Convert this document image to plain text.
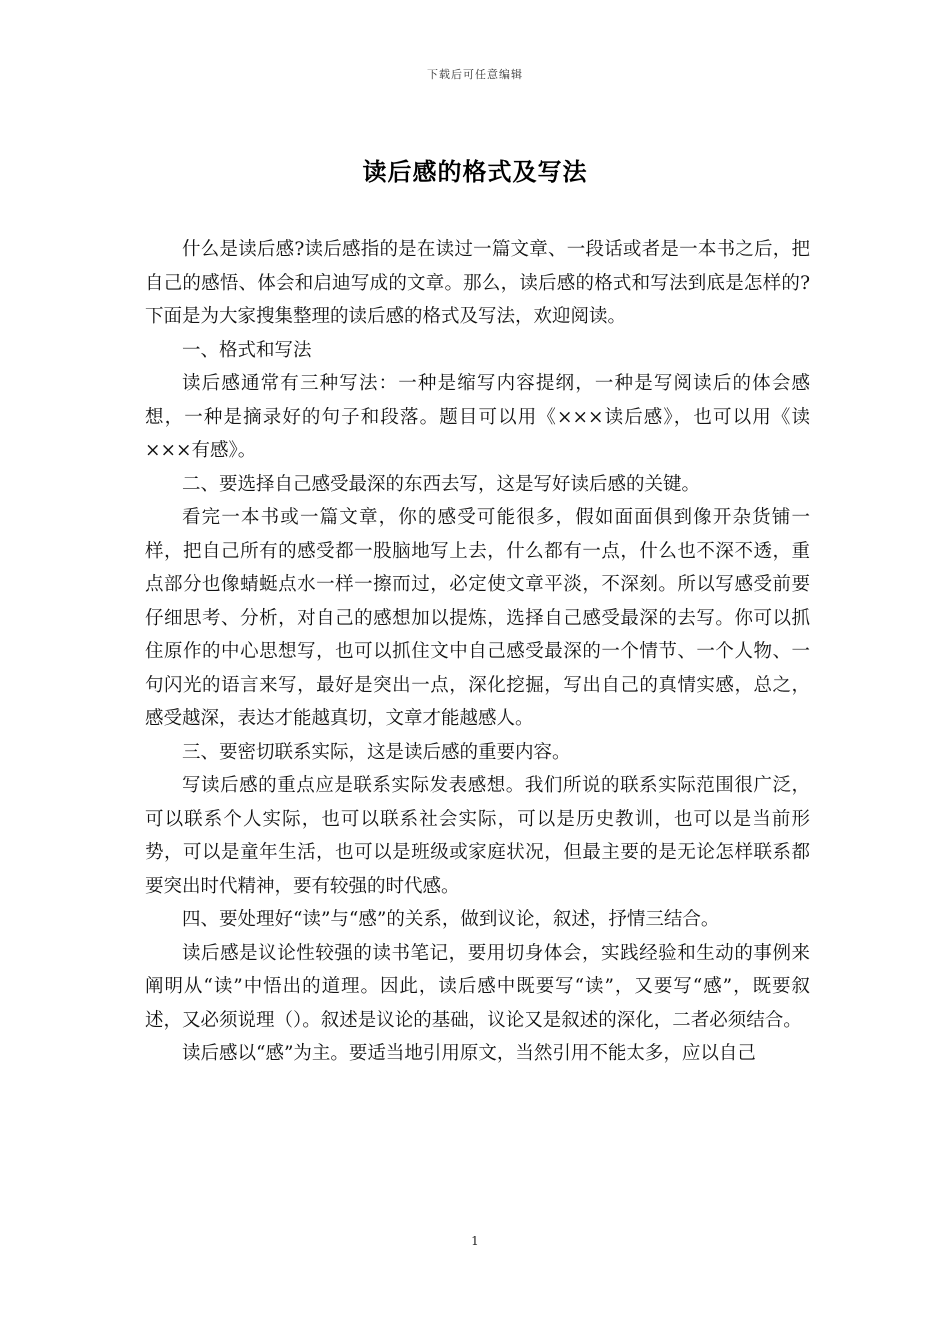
下载后可任意编辑
读后感的格式及写法

什么是读后感?读后感指的是在读过一篇文章、一段话或者是一本书之后，把自己的感悟、体会和启迪写成的文章。那么，读后感的格式和写法到底是怎样的?下面是为大家搜集整理的读后感的格式及写法，欢迎阅读。

一、格式和写法

读后感通常有三种写法：一种是缩写内容提纲，一种是写阅读后的体会感想，一种是摘录好的句子和段落。题目可以用《×××读后感》，也可以用《读×××有感》。

二、要选择自己感受最深的东西去写，这是写好读后感的关键。

看完一本书或一篇文章，你的感受可能很多，假如面面俱到像开杂货铺一样，把自己所有的感受都一股脑地写上去，什么都有一点，什么也不深不透，重点部分也像蜻蜓点水一样一擦而过，必定使文章平淡，不深刻。所以写感受前要仔细思考、分析，对自己的感想加以提炼，选择自己感受最深的去写。你可以抓住原作的中心思想写，也可以抓住文中自己感受最深的一个情节、一个人物、一句闪光的语言来写，最好是突出一点，深化挖掘，写出自己的真情实感，总之，感受越深，表达才能越真切，文章才能越感人。

三、要密切联系实际，这是读后感的重要内容。

写读后感的重点应是联系实际发表感想。我们所说的联系实际范围很广泛，可以联系个人实际，也可以联系社会实际，可以是历史教训，也可以是当前形势，可以是童年生活，也可以是班级或家庭状况，但最主要的是无论怎样联系都要突出时代精神，要有较强的时代感。

四、要处理好“读”与“感”的关系，做到议论，叙述，抒情三结合。

读后感是议论性较强的读书笔记，要用切身体会，实践经验和生动的事例来阐明从“读”中悟出的道理。因此，读后感中既要写“读”，又要写“感”，既要叙述，又必须说理（）。叙述是议论的基础，议论又是叙述的深化，二者必须结合。

读后感以“感”为主。要适当地引用原文，当然引用不能太多，应以自己

1
